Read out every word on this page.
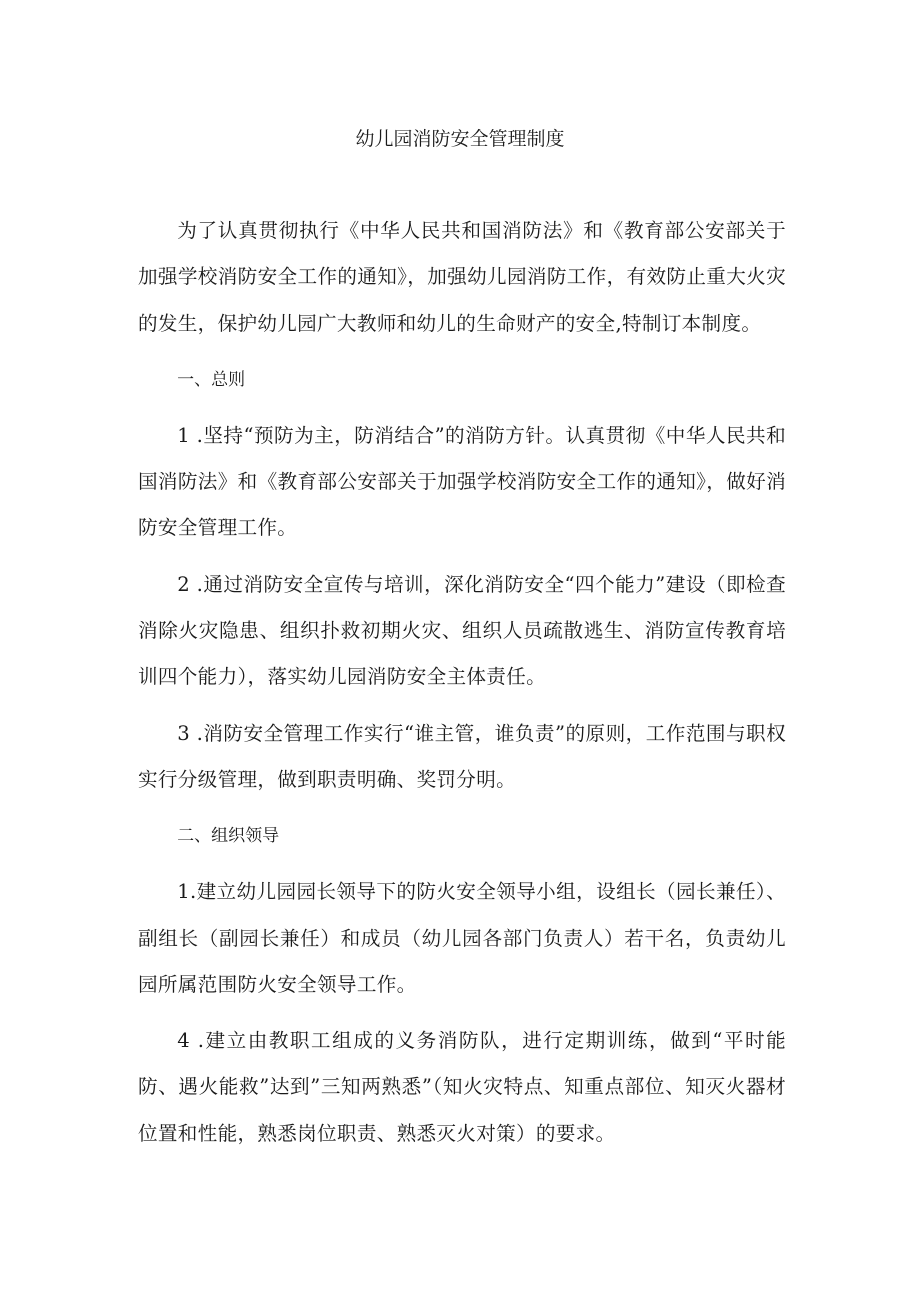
幼儿园消防安全管理制度

为了认真贯彻执行《中华人民共和国消防法》和《教育部公安部关于加强学校消防安全工作的通知》，加强幼儿园消防工作，有效防止重大火灾的发生，保护幼儿园广大教师和幼儿的生命财产的安全,特制订本制度。

一、总则

1 .坚持“预防为主，防消结合”的消防方针。认真贯彻《中华人民共和国消防法》和《教育部公安部关于加强学校消防安全工作的通知》，做好消防安全管理工作。

2 .通过消防安全宣传与培训，深化消防安全“四个能力”建设（即检查消除火灾隐患、组织扑救初期火灾、组织人员疏散逃生、消防宣传教育培训四个能力），落实幼儿园消防安全主体责任。

3 .消防安全管理工作实行“谁主管，谁负责”的原则，工作范围与职权实行分级管理，做到职责明确、奖罚分明。

二、组织领导

1.建立幼儿园园长领导下的防火安全领导小组，设组长（园长兼任）、副组长（副园长兼任）和成员（幼儿园各部门负责人）若干名，负责幼儿园所属范围防火安全领导工作。

4 .建立由教职工组成的义务消防队，进行定期训练，做到“平时能防、遇火能救”达到”三知两熟悉”（知火灾特点、知重点部位、知灭火器材位置和性能，熟悉岗位职责、熟悉灭火对策）的要求。
